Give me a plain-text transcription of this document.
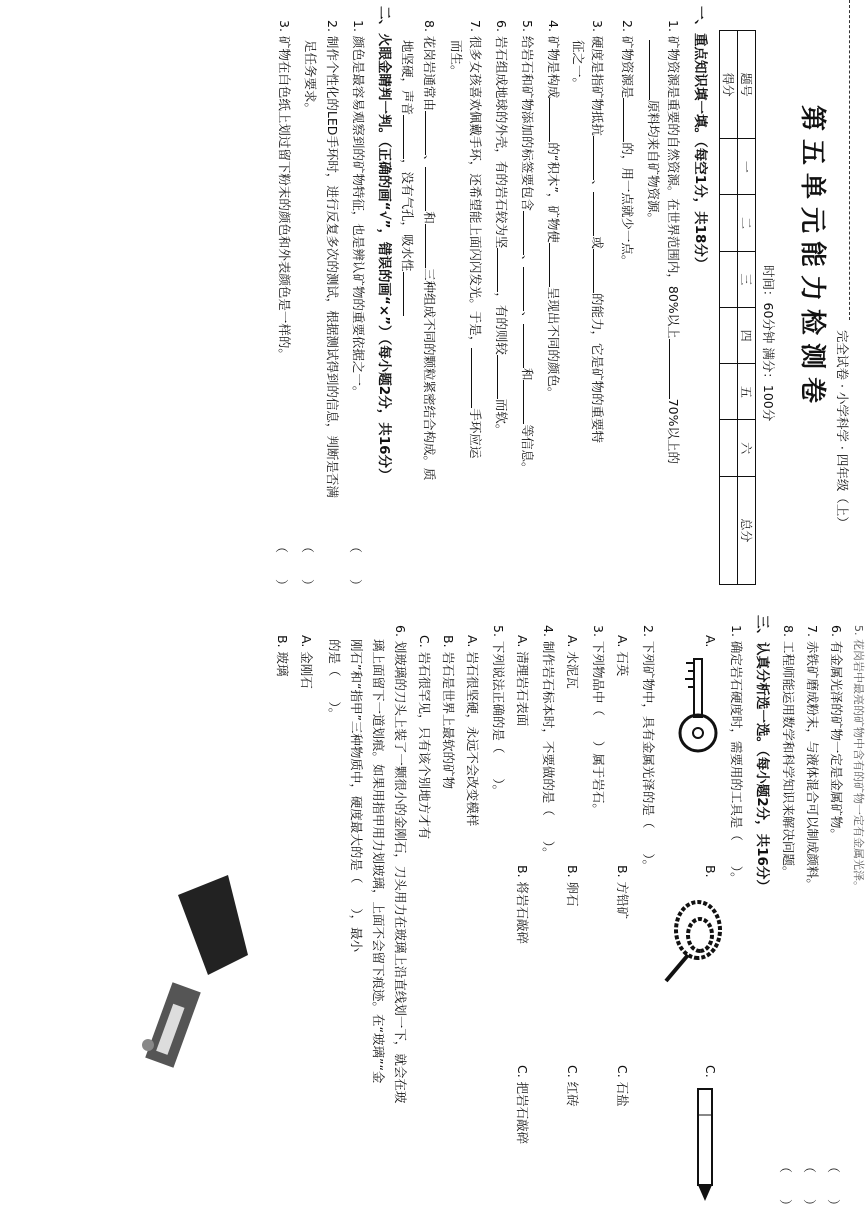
完全试卷 · 小学科学 · 四年级（上）
第五单元能力检测卷
时间：60分钟 满分：100分
题号	一	二	三	四	五	六	总分
得分							
一、重点知识填一填。（每空1分，共18分）
1. 矿物资源是重要的自然资源。在世界范围内，80%以上70%以上的
原料均来自矿物资源。
2. 矿物资源是的，用一点就少一点。
3. 硬度是指矿物抵抗、或的能力，它是矿物的重要特
征之一。
4. 矿物是构成的“积木”，矿物使呈现出不同的颜色。
5. 给岩石和矿物添加的标签要包含、、和等信息。
6. 岩石组成地球的外壳，有的岩石较为坚，有的则较而软。
7. 很多女孩喜欢佩戴手环，还希望能上面闪闪发光。于是，手环应运
而生。
8. 花岗岩通常由、和三种组成不同的颗粒紧密结合构成。质
地坚硬，声音，没有气孔，吸水性
二、火眼金睛判一判。（正确的画“√”，错误的画“×”）（每小题2分，共16分）
1. 颜色是最容易观察到的矿物特征，也是辨认矿物的重要依据之一。
（　　）
2. 制作个性化的LED手环时，进行反复多次的测试，根据测试得到的信息，判断是否满
足任务要求。
（　　）
3. 矿物在白色纸上划过留下粉末的颜色和外表颜色是一样的。
（　　）
5. 花岗岩中最亮的矿物中含有的矿物一定有金属光泽。
6. 有金属光泽的矿物一定是金属矿物。
（　　）
7. 赤铁矿磨成粉末，与液体混合可以制成颜料。
（　　）
8. 工程师能运用数学和科学知识来解决问题。
（　　）
三、认真分析选一选。（每小题2分，共16分）
1. 确定岩石硬度时，需要用的工具是（　　）。
A.
B.
C.
2. 下列矿物中，具有金属光泽的是（　　）。
A. 石英
B. 方铅矿
C. 石盐
3. 下列物品中（　　）属于岩石。
A. 水泥瓦
B. 卵石
C. 红砖
4. 制作岩石标本时，不要做的是（　　）。
A. 清理岩石表面
B. 将岩石敲碎
C. 把岩石敲碎
5. 下列说法正确的是（　　）。
A. 岩石很坚硬，永远不会改变模样
B. 岩石是世界上最软的矿物
C. 岩石很罕见，只有该个别地方才有
6. 划玻璃的刀头上装了一颗很小的金刚石，刀头用力在玻璃上沿直线划一下，就会在玻
璃上面留下一道划痕。如果用指甲用力划玻璃，上面不会留下痕迹。在“玻璃”“金
刚石”和“指甲”三种物质中，硬度最大的是（　　），最小
的是（　　）。
A. 金刚石
B. 玻璃
